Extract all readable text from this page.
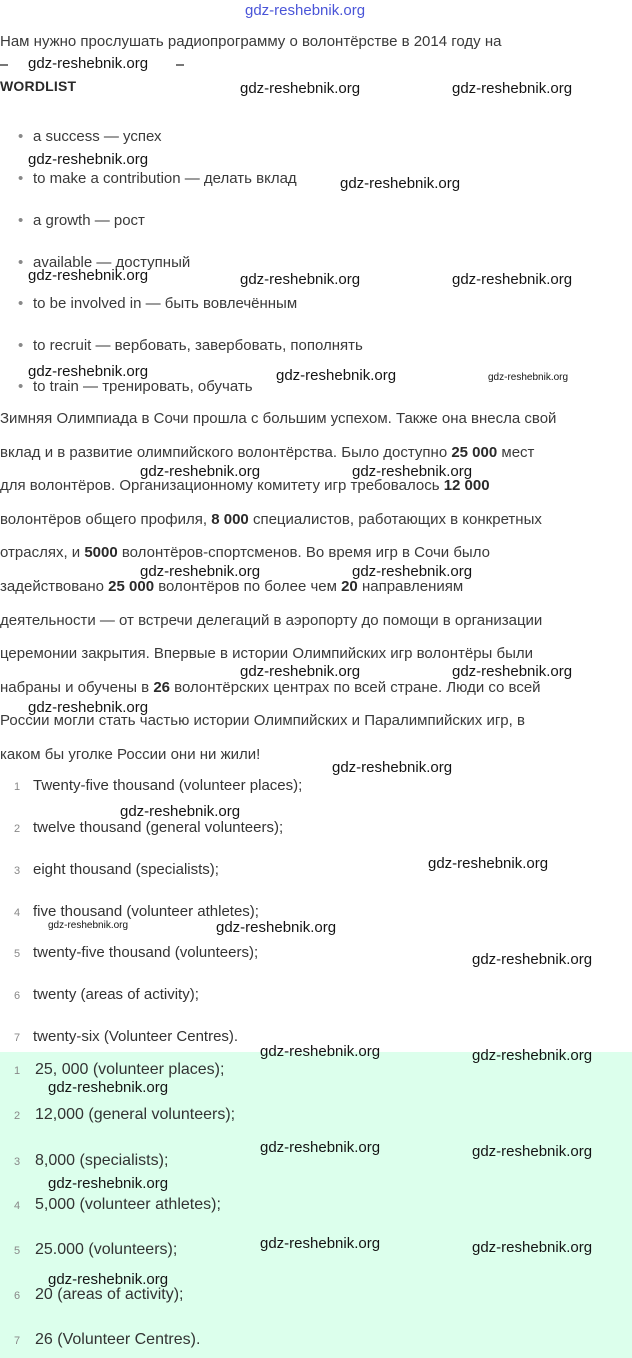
gdz-reshebnik.org
Нам нужно прослушать радиопрограмму о волонтёрстве в 2014 году на
WORDLIST
• a success — успех
• to make a contribution — делать вклад
• a growth — рост
• available — доступный
• to be involved in — быть вовлечённым
• to recruit — вербовать, завербовать, пополнять
• to train — тренировать, обучать
Зимняя Олимпиада в Сочи прошла с большим успехом. Также она внесла свой
вклад и в развитие олимпийского волонтёрства. Было доступно 25 000 мест
для волонтёров. Организационному комитету игр требовалось 12 000
волонтёров общего профиля, 8 000 специалистов, работающих в конкретных
отраслях, и 5000 волонтёров-спортсменов. Во время игр в Сочи было
задействовано 25 000 волонтёров по более чем 20 направлениям
деятельности — от встречи делегаций в аэропорту до помощи в организации
церемонии закрытия. Впервые в истории Олимпийских игр волонтёры были
набраны и обучены в 26 волонтёрских центрах по всей стране. Люди со всей
России могли стать частью истории Олимпийских и Паралимпийских игр, в
каком бы уголке России они ни жили!
1 Twenty-five thousand (volunteer places);
2 twelve thousand (general volunteers);
3 eight thousand (specialists);
4 five thousand (volunteer athletes);
5 twenty-five thousand (volunteers);
6 twenty (areas of activity);
7 twenty-six (Volunteer Centres).
1 25, 000 (volunteer places);
2 12,000 (general volunteers);
3 8,000 (specialists);
4 5,000 (volunteer athletes);
5 25.000 (volunteers);
6 20 (areas of activity);
7 26 (Volunteer Centres).
gdz-reshebnik.org
gdz-reshebnik.org	gdz-reshebnik.org
gdz-reshebnik.org
gdz-reshebnik.org
gdz-reshebnik.org	gdz-reshebnik.org	gdz-reshebnik.org
gdz-reshebnik.org	gdz-reshebnik.org	gdz-reshebnik.org
gdz-reshebnik.org	gdz-reshebnik.org
gdz-reshebnik.org	gdz-reshebnik.org
gdz-reshebnik.org
gdz-reshebnik.org	gdz-reshebnik.org
gdz-reshebnik.org
gdz-reshebnik.org
gdz-reshebnik.org
gdz-reshebnik.org	gdz-reshebnik.org
gdz-reshebnik.org
gdz-reshebnik.org	gdz-reshebnik.org
gdz-reshebnik.org
gdz-reshebnik.org	gdz-reshebnik.org
gdz-reshebnik.org
gdz-reshebnik.org	gdz-reshebnik.org
gdz-reshebnik.org
